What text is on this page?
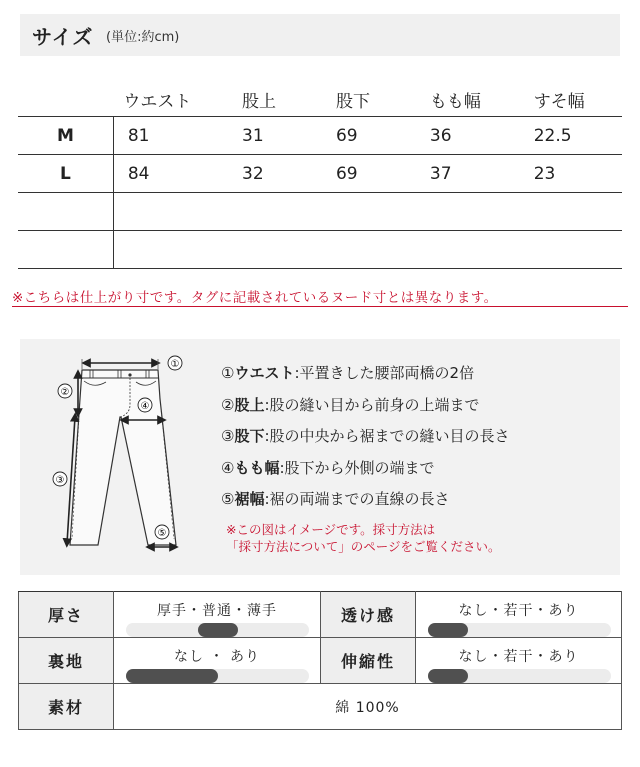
サイズ (単位:約cm)
	ウエスト	股上	股下	もも幅	すそ幅
M	81	31	69	36	22.5
L	84	32	69	37	23

※こちらは仕上がり寸です。タグに記載されているヌード寸とは異なります。
①
②
③
④
⑤
①ウエスト:平置きした腰部両橋の2倍
②股上:股の縫い目から前身の上端まで
③股下:股の中央から裾までの縫い目の長さ
④もも幅:股下から外側の端まで
⑤裾幅:裾の両端までの直線の長さ
※この図はイメージです。採寸方法は
「採寸方法について」のページをご覧ください。
厚さ	厚手・普通・薄手	透け感	なし・若干・あり

裏地	なし ・ あり	伸縮性	なし・若干・あり

素材	綿 100%		
